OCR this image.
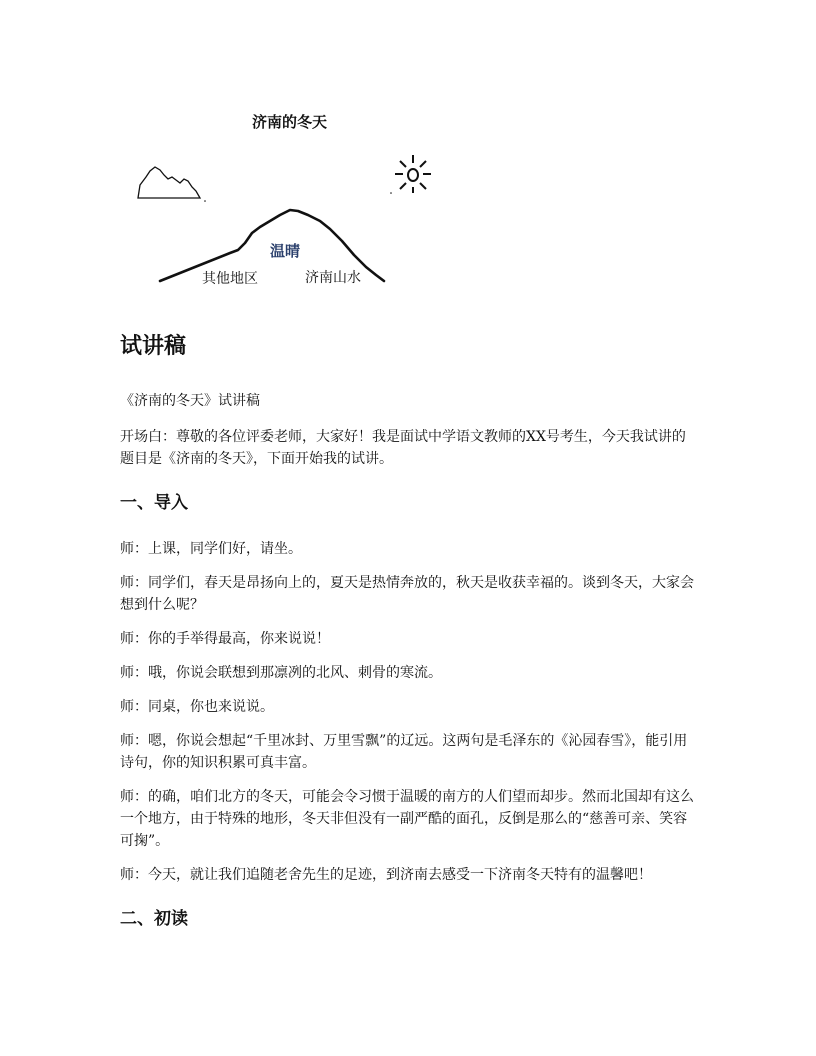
济南的冬天
温晴
其他地区	济南山水
试讲稿

《济南的冬天》试讲稿

开场白：尊敬的各位评委老师，大家好！我是面试中学语文教师的XX号考生，今天我试讲的题目是《济南的冬天》，下面开始我的试讲。

一、导入

师：上课，同学们好，请坐。

师：同学们，春天是昂扬向上的，夏天是热情奔放的，秋天是收获幸福的。谈到冬天，大家会想到什么呢？

师：你的手举得最高，你来说说！

师：哦，你说会联想到那凛冽的北风、刺骨的寒流。

师：同桌，你也来说说。

师：嗯，你说会想起“千里冰封、万里雪飘”的辽远。这两句是毛泽东的《沁园春雪》，能引用诗句，你的知识积累可真丰富。

师：的确，咱们北方的冬天，可能会令习惯于温暖的南方的人们望而却步。然而北国却有这么一个地方，由于特殊的地形，冬天非但没有一副严酷的面孔，反倒是那么的“慈善可亲、笑容可掬”。

师：今天，就让我们追随老舍先生的足迹，到济南去感受一下济南冬天特有的温馨吧！

二、初读
